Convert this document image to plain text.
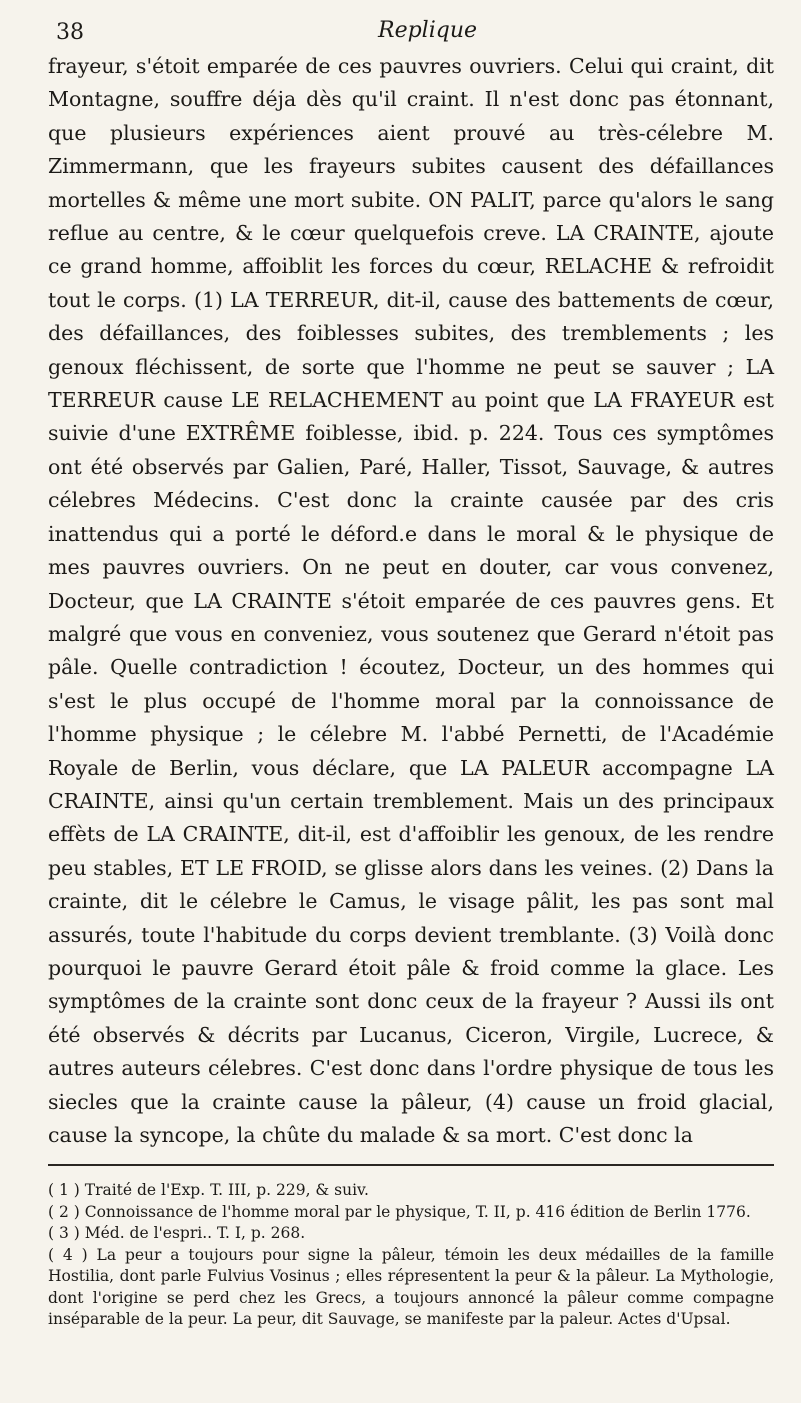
38	Replique

frayeur, s'étoit emparée de ces pauvres ouvriers. Celui qui craint, dit Montagne, souffre déja dès qu'il craint. Il n'est donc pas étonnant, que plusieurs expériences aient prouvé au très-célebre M. Zimmermann, que les frayeurs subites causent des défaillances mortelles & même une mort subite. ON PALIT, parce qu'alors le sang reflue au centre, & le cœur quelquefois creve. LA CRAINTE, ajoute ce grand homme, affoiblit les forces du cœur, RELACHE & refroidit tout le corps. (1) LA TERREUR, dit-il, cause des battements de cœur, des défaillances, des foiblesses subites, des tremblements ; les genoux fléchissent, de sorte que l'homme ne peut se sauver ; LA TERREUR cause LE RELACHEMENT au point que LA FRAYEUR est suivie d'une EXTRÊME foiblesse, ibid. p. 224. Tous ces symptômes ont été observés par Galien, Paré, Haller, Tissot, Sauvage, & autres célebres Médecins. C'est donc la crainte causée par des cris inattendus qui a porté le déford.e dans le moral & le physique de mes pauvres ouvriers. On ne peut en douter, car vous convenez, Docteur, que LA CRAINTE s'étoit emparée de ces pauvres gens. Et malgré que vous en conveniez, vous soutenez que Gerard n'étoit pas pâle. Quelle contradiction ! écoutez, Docteur, un des hommes qui s'est le plus occupé de l'homme moral par la connoissance de l'homme physique ; le célebre M. l'abbé Pernetti, de l'Académie Royale de Berlin, vous déclare, que LA PALEUR accompagne LA CRAINTE, ainsi qu'un certain tremblement. Mais un des principaux effèts de LA CRAINTE, dit-il, est d'affoiblir les genoux, de les rendre peu stables, ET LE FROID, se glisse alors dans les veines. (2) Dans la crainte, dit le célebre le Camus, le visage pâlit, les pas sont mal assurés, toute l'habitude du corps devient tremblante. (3) Voilà donc pourquoi le pauvre Gerard étoit pâle & froid comme la glace. Les symptômes de la crainte sont donc ceux de la frayeur ? Aussi ils ont été observés & décrits par Lucanus, Ciceron, Virgile, Lucrece, & autres auteurs célebres. C'est donc dans l'ordre physique de tous les siecles que la crainte cause la pâleur, (4) cause un froid glacial, cause la syncope, la chûte du malade & sa mort. C'est donc la

( 1 ) Traité de l'Exp. T. III, p. 229, & suiv.

( 2 ) Connoissance de l'homme moral par le physique, T. II, p. 416 édition de Berlin 1776.

( 3 ) Méd. de l'espri.. T. I, p. 268.

( 4 ) La peur a toujours pour signe la pâleur, témoin les deux médailles de la famille Hostilia, dont parle Fulvius Vosinus ; elles répresentent la peur & la pâleur. La Mythologie, dont l'origine se perd chez les Grecs, a toujours annoncé la pâleur comme compagne inséparable de la peur. La peur, dit Sauvage, se manifeste par la paleur. Actes d'Upsal.
